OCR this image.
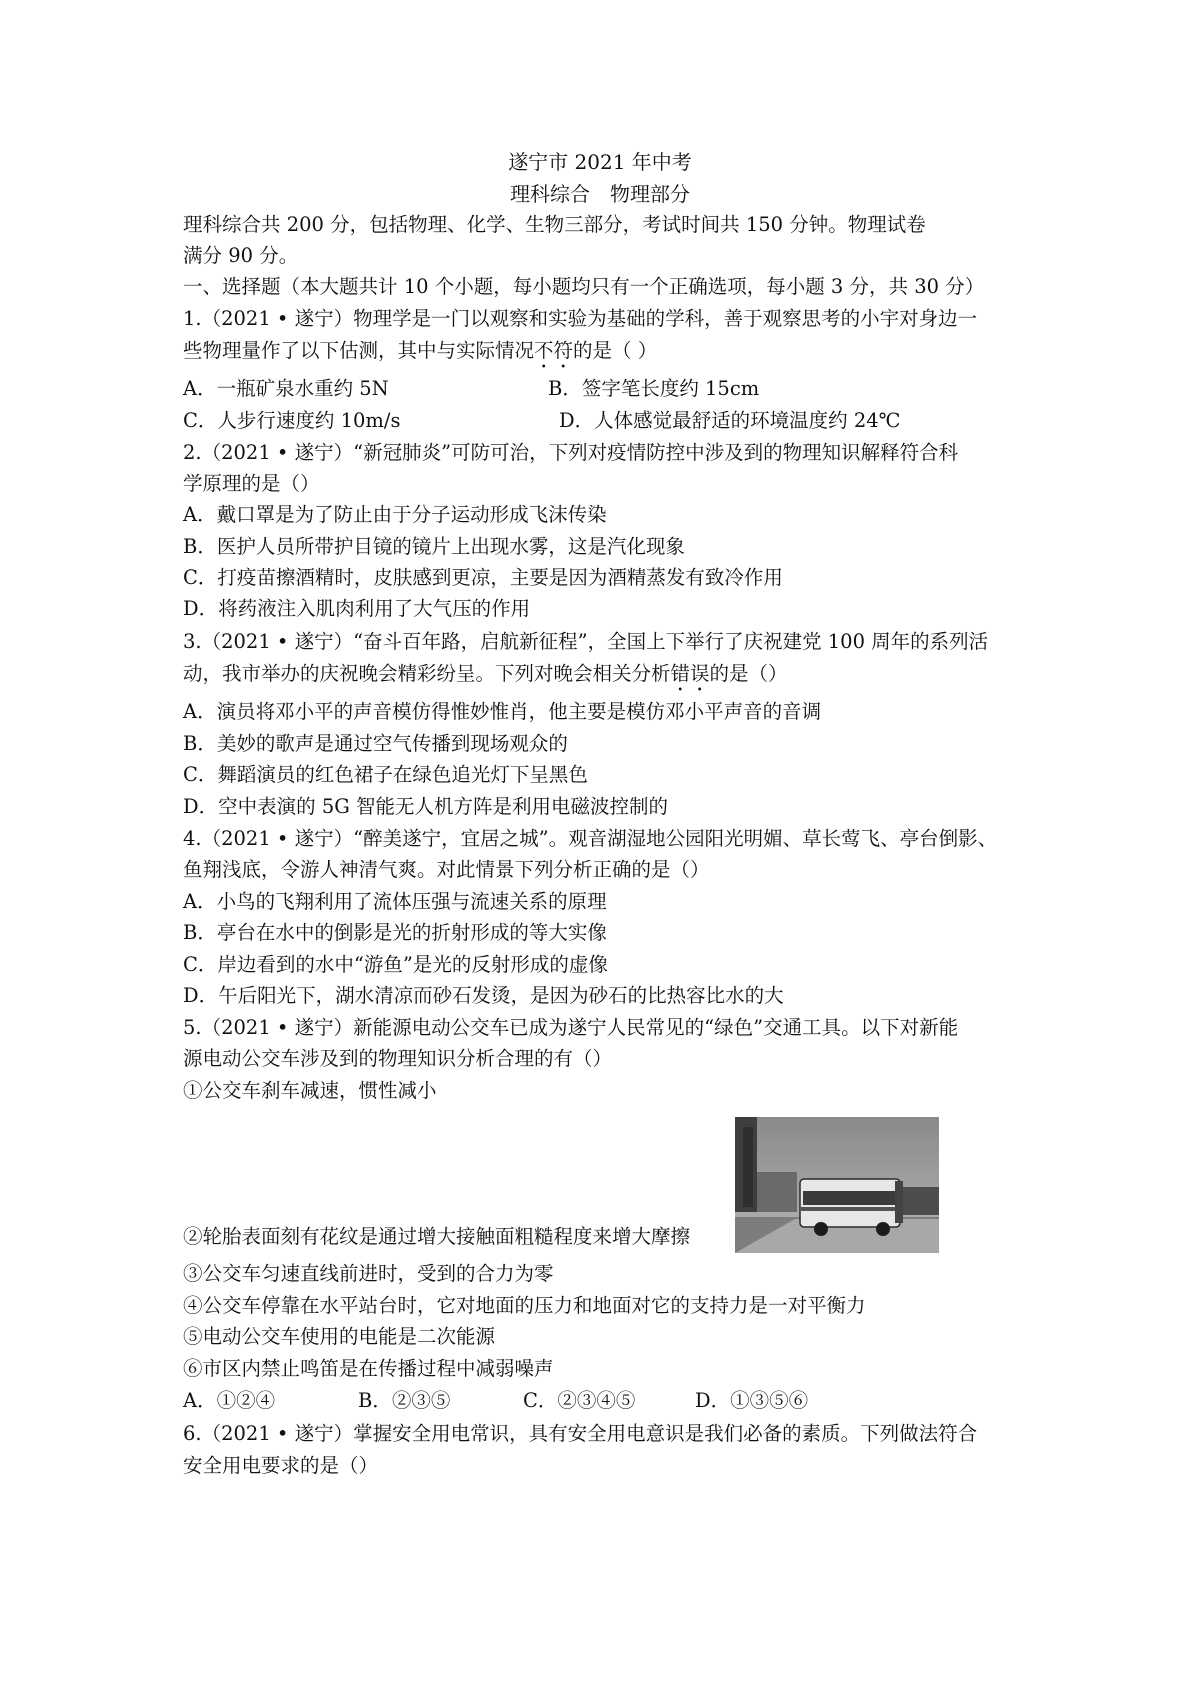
遂宁市 2021 年中考
理科综合　物理部分
理科综合共 200 分，包括物理、化学、生物三部分，考试时间共 150 分钟。物理试卷
满分 90 分。
一、选择题（本大题共计 10 个小题，每小题均只有一个正确选项，每小题 3 分，共 30 分）
1.（2021 • 遂宁）物理学是一门以观察和实验为基础的学科，善于观察思考的小宇对身边一
些物理量作了以下估测，其中与实际情况不符的是（ ）
A．一瓶矿泉水重约 5N	B．签字笔长度约 15cm
C．人步行速度约 10m/s	D．人体感觉最舒适的环境温度约 24℃
2.（2021 • 遂宁）“新冠肺炎”可防可治，下列对疫情防控中涉及到的物理知识解释符合科
学原理的是（）
A．戴口罩是为了防止由于分子运动形成飞沫传染
B．医护人员所带护目镜的镜片上出现水雾，这是汽化现象
C．打疫苗擦酒精时，皮肤感到更凉，主要是因为酒精蒸发有致冷作用
D．将药液注入肌肉利用了大气压的作用
3.（2021 • 遂宁）“奋斗百年路，启航新征程”，全国上下举行了庆祝建党 100 周年的系列活
动，我市举办的庆祝晚会精彩纷呈。下列对晚会相关分析错误的是（）
A．演员将邓小平的声音模仿得惟妙惟肖，他主要是模仿邓小平声音的音调
B．美妙的歌声是通过空气传播到现场观众的
C．舞蹈演员的红色裙子在绿色追光灯下呈黑色
D．空中表演的 5G 智能无人机方阵是利用电磁波控制的
4.（2021 • 遂宁）“醉美遂宁，宜居之城”。观音湖湿地公园阳光明媚、草长莺飞、亭台倒影、
鱼翔浅底，令游人神清气爽。对此情景下列分析正确的是（）
A．小鸟的飞翔利用了流体压强与流速关系的原理
B．亭台在水中的倒影是光的折射形成的等大实像
C．岸边看到的水中“游鱼”是光的反射形成的虚像
D．午后阳光下，湖水清凉而砂石发烫，是因为砂石的比热容比水的大
5.（2021 • 遂宁）新能源电动公交车已成为遂宁人民常见的“绿色”交通工具。以下对新能
源电动公交车涉及到的物理知识分析合理的有（）
①公交车刹车减速，惯性减小
②轮胎表面刻有花纹是通过增大接触面粗糙程度来增大摩擦
③公交车匀速直线前进时，受到的合力为零
④公交车停靠在水平站台时，它对地面的压力和地面对它的支持力是一对平衡力
⑤电动公交车使用的电能是二次能源
⑥市区内禁止鸣笛是在传播过程中减弱噪声
A．①②④	B．②③⑤	C．②③④⑤	D．①③⑤⑥
6.（2021 • 遂宁）掌握安全用电常识，具有安全用电意识是我们必备的素质。下列做法符合
安全用电要求的是（）
